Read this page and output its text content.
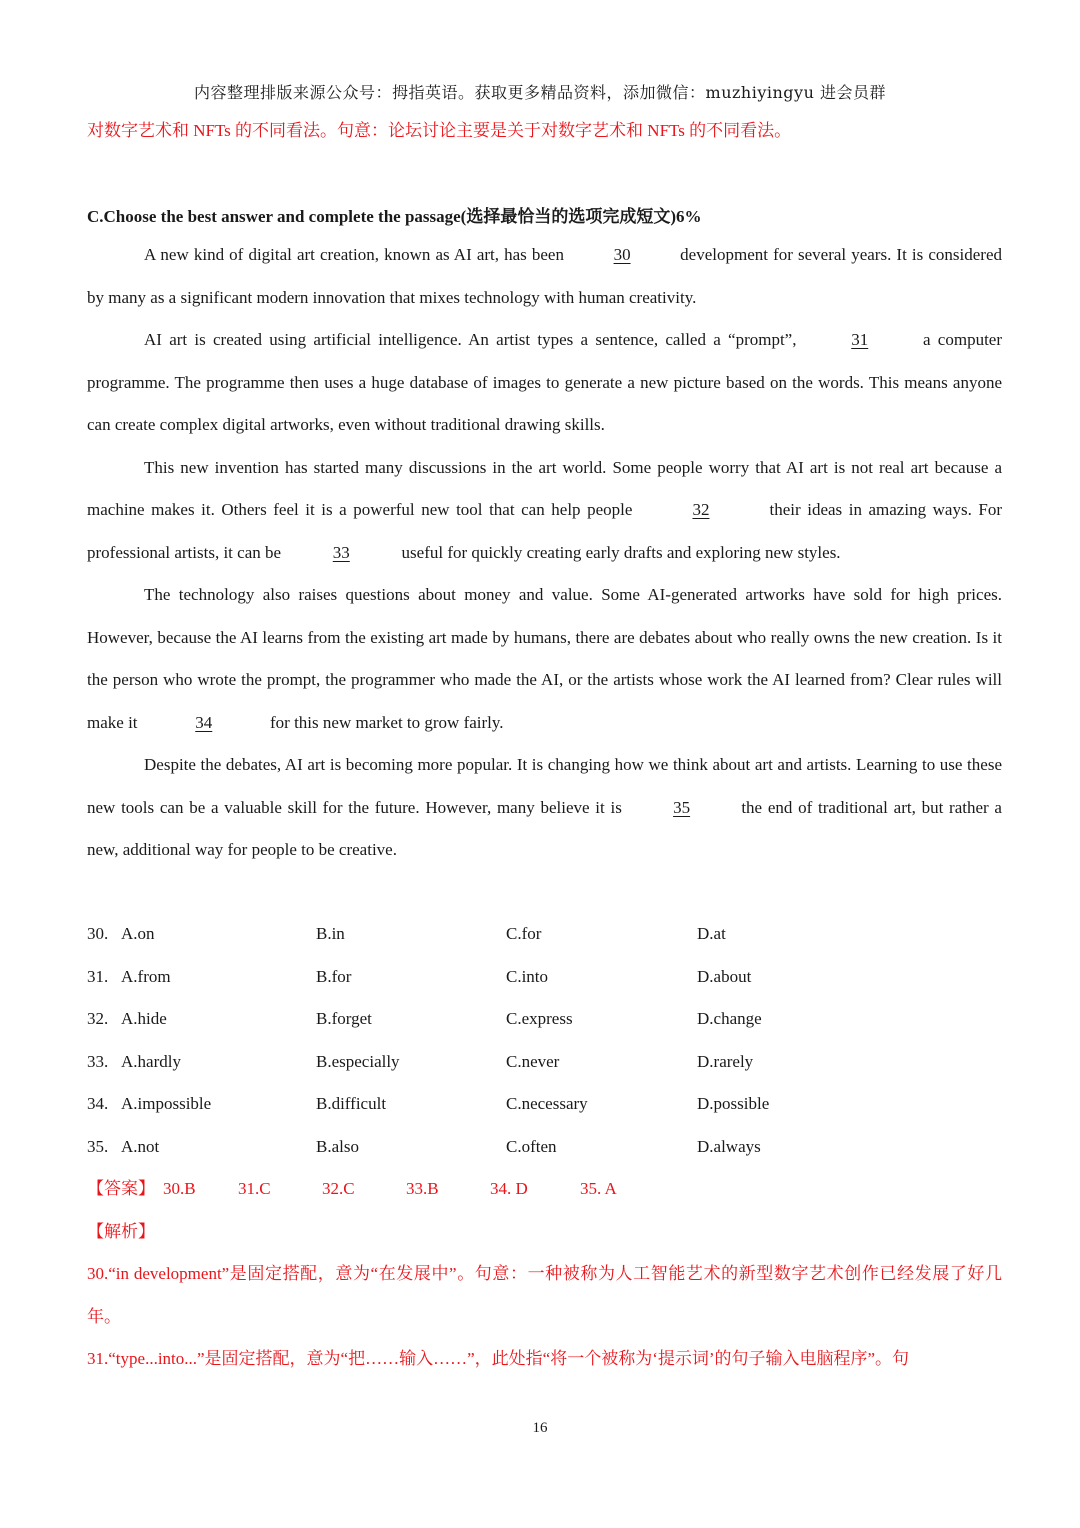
内容整理排版来源公众号：拇指英语。获取更多精品资料，添加微信：muzhiyingyu 进会员群
对数字艺术和 NFTs 的不同看法。句意：论坛讨论主要是关于对数字艺术和 NFTs 的不同看法。
C.Choose the best answer and complete the passage(选择最恰当的选项完成短文)6%

A new kind of digital art creation, known as AI art, has been	30	development for several years. It is considered by many as a significant modern innovation that mixes technology with human creativity.

AI art is created using artificial intelligence. An artist types a sentence, called a “prompt”,	31	a computer programme. The programme then uses a huge database of images to generate a new picture based on the words. This means anyone can create complex digital artworks, even without traditional drawing skills.

This new invention has started many discussions in the art world. Some people worry that AI art is not real art because a machine makes it. Others feel it is a powerful new tool that can help people	32	their ideas in amazing ways. For professional artists, it can be	33	useful for quickly creating early drafts and exploring new styles.

The technology also raises questions about money and value. Some AI-generated artworks have sold for high prices. However, because the AI learns from the existing art made by humans, there are debates about who really owns the new creation. Is it the person who wrote the prompt, the programmer who made the AI, or the artists whose work the AI learned from? Clear rules will make it	34	for this new market to grow fairly.

Despite the debates, AI art is becoming more popular. It is changing how we think about art and artists. Learning to use these new tools can be a valuable skill for the future. However, many believe it is	35	the end of traditional art, but rather a new, additional way for people to be creative.

30. A.on	B.in	C.for	D.at
31. A.from	B.for	C.into	D.about
32. A.hide	B.forget	C.express	D.change
33. A.hardly	B.especially	C.never	D.rarely
34. A.impossible	B.difficult	C.necessary	D.possible
35. A.not	B.also	C.often	D.always
【答案】 30.B	31.C	32.C	33.B	34. D	35. A

【解析】

30.“in development”是固定搭配，意为“在发展中”。句意：一种被称为人工智能艺术的新型数字艺术创作已经发展了好几年。

31.“type...into...”是固定搭配，意为“把……输入……”，此处指“将一个被称为‘提示词’的句子输入电脑程序”。句

16
